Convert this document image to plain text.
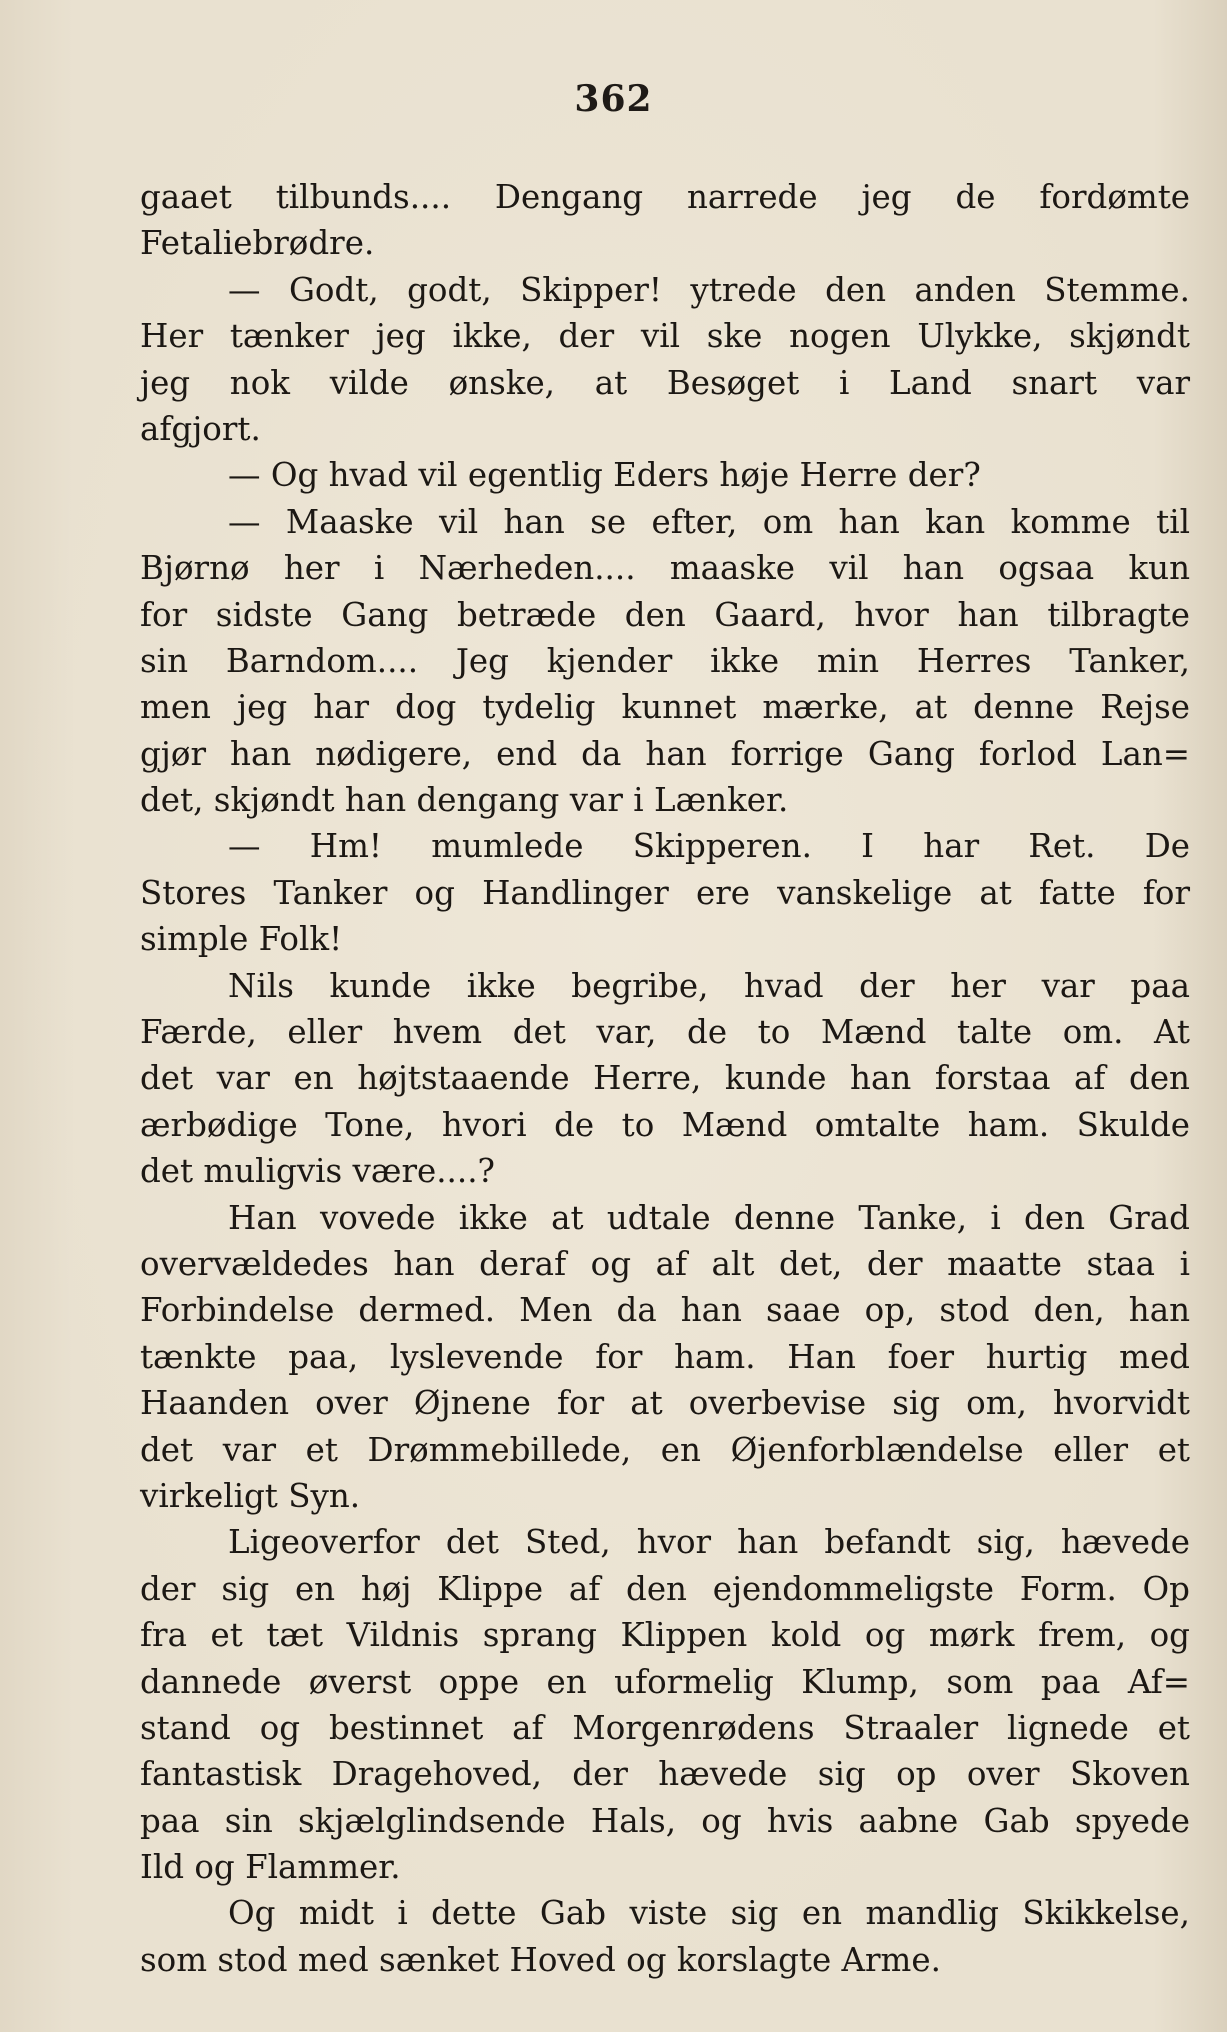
362
gaaet tilbunds.... Dengang narrede jeg de fordømte
Fetaliebrødre.
— Godt, godt, Skipper! ytrede den anden Stemme.
Her tænker jeg ikke, der vil ske nogen Ulykke, skjøndt
jeg nok vilde ønske, at Besøget i Land snart var
afgjort.
— Og hvad vil egentlig Eders høje Herre der?
— Maaske vil han se efter, om han kan komme til
Bjørnø her i Nærheden.... maaske vil han ogsaa kun
for sidste Gang betræde den Gaard, hvor han tilbragte
sin Barndom.... Jeg kjender ikke min Herres Tanker,
men jeg har dog tydelig kunnet mærke, at denne Rejse
gjør han nødigere, end da han forrige Gang forlod Lan=
det, skjøndt han dengang var i Lænker.
— Hm! mumlede Skipperen. I har Ret. De
Stores Tanker og Handlinger ere vanskelige at fatte for
simple Folk!
Nils kunde ikke begribe, hvad der her var paa
Færde, eller hvem det var, de to Mænd talte om. At
det var en højtstaaende Herre, kunde han forstaa af den
ærbødige Tone, hvori de to Mænd omtalte ham. Skulde
det muligvis være....?
Han vovede ikke at udtale denne Tanke, i den Grad
overvældedes han deraf og af alt det, der maatte staa i
Forbindelse dermed. Men da han saae op, stod den, han
tænkte paa, lyslevende for ham. Han foer hurtig med
Haanden over Øjnene for at overbevise sig om, hvorvidt
det var et Drømmebillede, en Øjenforblændelse eller et
virkeligt Syn.
Ligeoverfor det Sted, hvor han befandt sig, hævede
der sig en høj Klippe af den ejendommeligste Form. Op
fra et tæt Vildnis sprang Klippen kold og mørk frem, og
dannede øverst oppe en uformelig Klump, som paa Af=
stand og bestinnet af Morgenrødens Straaler lignede et
fantastisk Dragehoved, der hævede sig op over Skoven
paa sin skjælglindsende Hals, og hvis aabne Gab spyede
Ild og Flammer.
Og midt i dette Gab viste sig en mandlig Skikkelse,
som stod med sænket Hoved og korslagte Arme.
